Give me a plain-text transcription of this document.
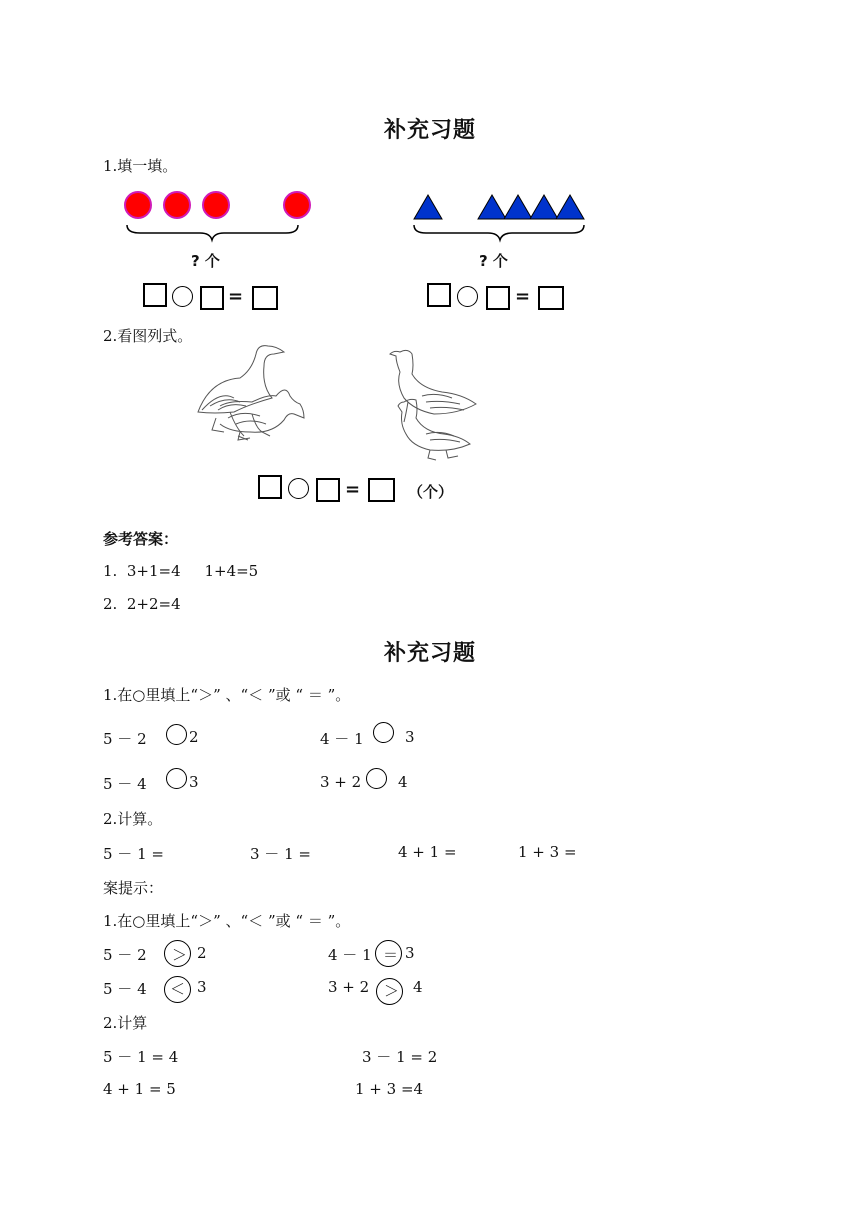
补充习题
1.填一填。
? 个	? 个
=	=
2.看图列式。
=	（个）
参考答案：
1.  3+1=4     1+4=5
2.  2+2=4
补充习题
1.在○里填上“＞” 、“＜ ”或 “ ＝ ”。
5 － 2	2	4 － 1	3
5 － 4	3	3 + 2 4
2.计算。
5 － 1 =	3 － 1 =	4 + 1 =	1 + 3 =
案提示：
1.在○里填上“＞” 、“＜ ”或 “ ＝ ”。
5 － 2 ＞ 2	4 － 1 ＝ 3
5 － 4 ＜ 3	3 + 2 ＞ 4
2.计算
5 － 1 = 4	3 － 1 = 2
4 + 1 = 5	1 + 3 =4
